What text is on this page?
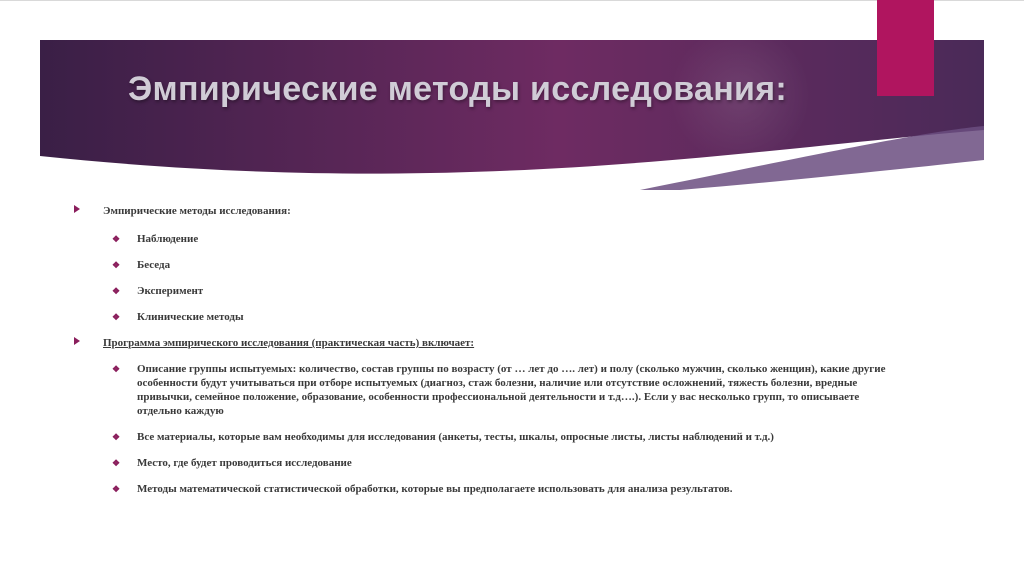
Эмпирические методы исследования:
Эмпирические методы исследования:
❖ Наблюдение
❖ Беседа
❖ Эксперимент
❖ Клинические методы
Программа эмпирического исследования (практическая часть) включает:
❖ Описание группы испытуемых: количество, состав группы по возрасту (от … лет до …. лет) и полу (сколько мужчин, сколько женщин), какие другие особенности будут учитываться при отборе испытуемых (диагноз, стаж болезни, наличие или отсутствие осложнений, тяжесть болезни, вредные привычки, семейное положение, образование, особенности профессиональной деятельности и т.д….). Если у вас несколько групп, то описываете отдельно каждую
❖ Все материалы, которые вам необходимы для исследования (анкеты, тесты, шкалы, опросные листы, листы наблюдений и т.д.)
❖ Место, где будет проводиться исследование
❖ Методы математической статистической обработки, которые вы предполагаете использовать для анализа результатов.
